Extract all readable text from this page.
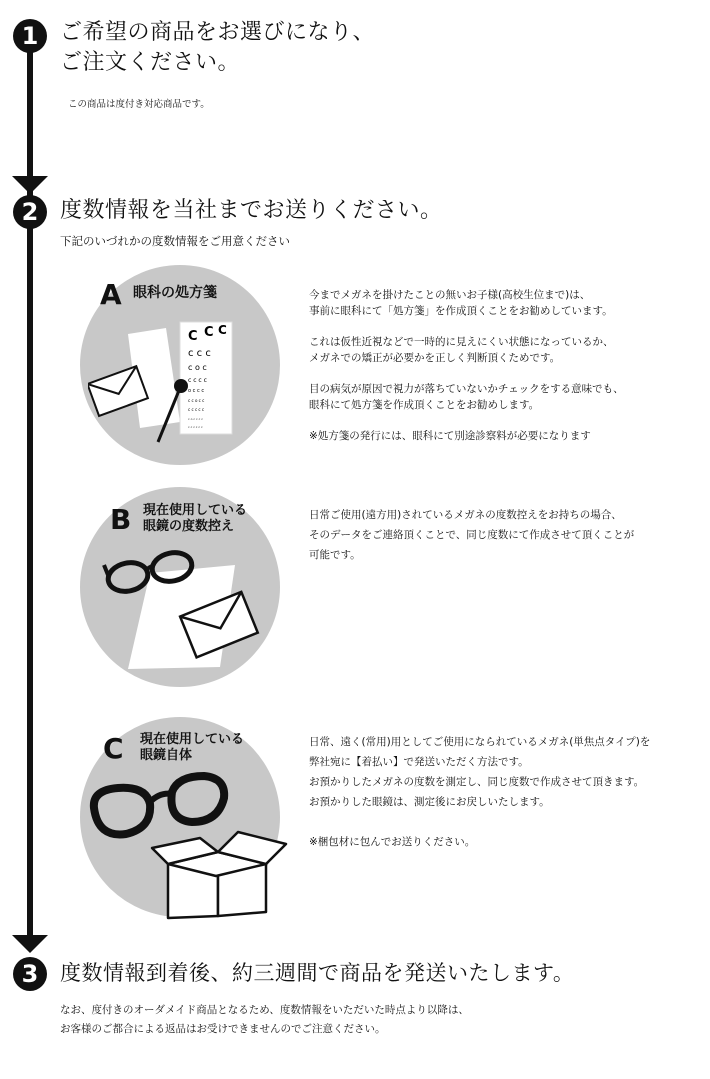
1 ご希望の商品をお選びになり、
ご注文ください。
この商品は度付き対応商品です。
2 度数情報を当社までお送りください。
下記のいづれかの度数情報をご用意ください
A 眼科の処方箋
C C C
c c c
c o c
c c c c
o c c c
c c o c c
c c c c c
c o c c c c
c c c c c c

今までメガネを掛けたことの無いお子様(高校生位まで)は、
事前に眼科にて「処方箋」を作成頂くことをお勧めしています。

これは仮性近視などで一時的に見えにくい状態になっているか、
メガネでの矯正が必要かを正しく判断頂くためです。

目の病気が原因で視力が落ちていないかチェックをする意味でも、
眼科にて処方箋を作成頂くことをお勧めします。

※処方箋の発行には、眼科にて別途診察料が必要になります

B 現在使用している
眼鏡の度数控え

日常ご使用(遠方用)されているメガネの度数控えをお持ちの場合、
そのデータをご連絡頂くことで、同じ度数にて作成させて頂くことが
可能です。

C 現在使用している
眼鏡自体

日常、遠く(常用)用としてご使用になられているメガネ(単焦点タイプ)を
弊社宛に【着払い】で発送いただく方法です。
お預かりしたメガネの度数を測定し、同じ度数で作成させて頂きます。
お預かりした眼鏡は、測定後にお戻しいたします。

※梱包材に包んでお送りください。

3	度数情報到着後、約三週間で商品を発送いたします。
なお、度付きのオーダメイド商品となるため、度数情報をいただいた時点より以降は、
お客様のご都合による返品はお受けできませんのでご注意ください。
